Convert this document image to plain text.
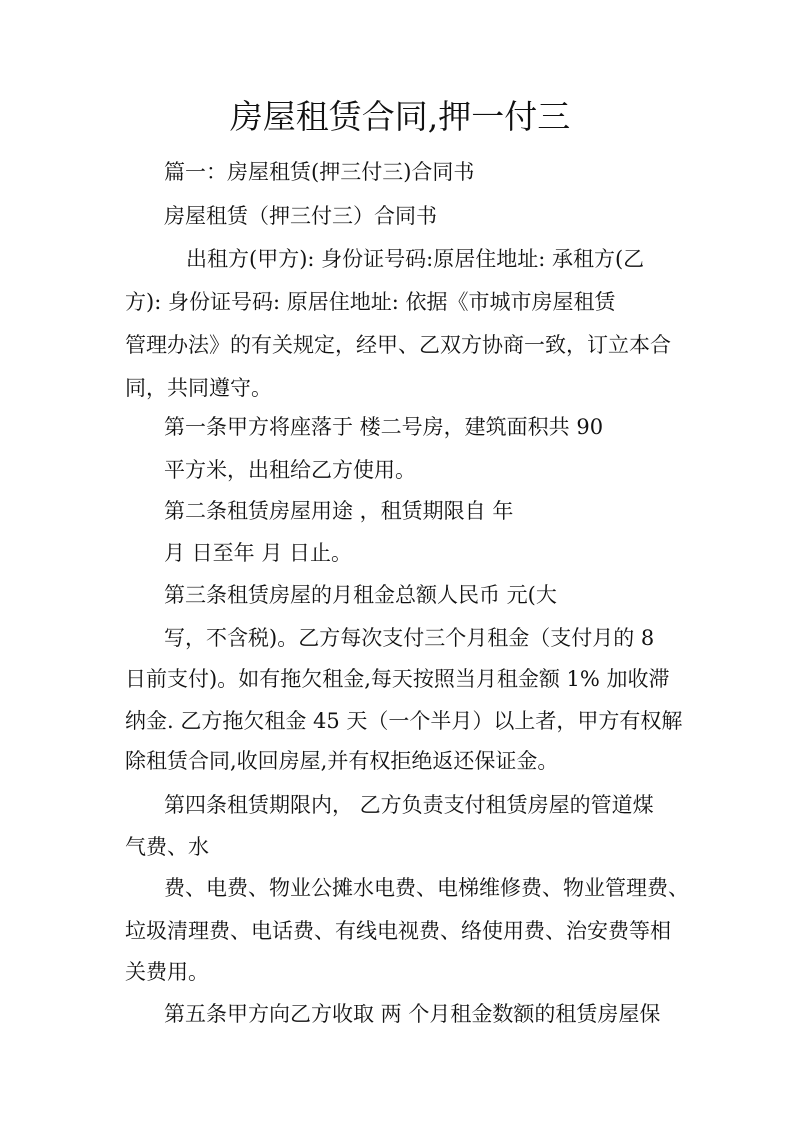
房屋租赁合同,押一付三
篇一：房屋租赁(押三付三)合同书
房屋租赁（押三付三）合同书
出租方(甲方): 身份证号码:原居住地址: 承租方(乙
方): 身份证号码: 原居住地址: 依据《市城市房屋租赁
管理办法》的有关规定，经甲、乙双方协商一致，订立本合
同，共同遵守。
第一条甲方将座落于 楼二号房，建筑面积共 90
平方米，出租给乙方使用。
第二条租赁房屋用途 ，租赁期限自 年
月 日至年 月 日止。
第三条租赁房屋的月租金总额人民币 元(大
写，不含税)。乙方每次支付三个月租金（支付月的 8
日前支付)。如有拖欠租金,每天按照当月租金额 1% 加收滞
纳金. 乙方拖欠租金 45 天（一个半月）以上者，甲方有权解
除租赁合同,收回房屋,并有权拒绝返还保证金。
第四条租赁期限内， 乙方负责支付租赁房屋的管道煤
气费、水
费、电费、物业公摊水电费、电梯维修费、物业管理费、
垃圾清理费、电话费、有线电视费、络使用费、治安费等相
关费用。
第五条甲方向乙方收取 两 个月租金数额的租赁房屋保
